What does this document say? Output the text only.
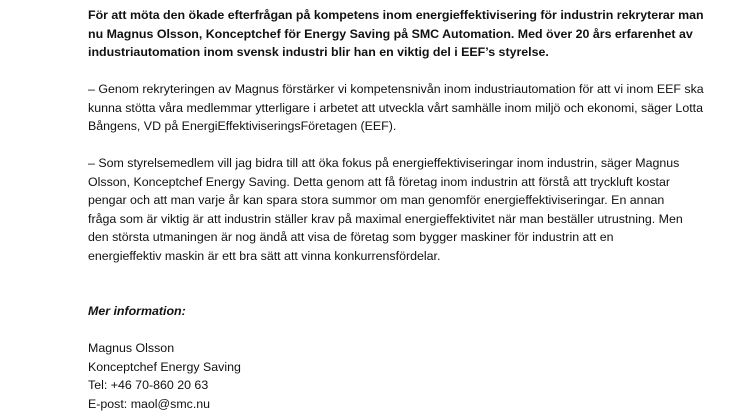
För att möta den ökade efterfrågan på kompetens inom energieffektivisering för industrin rekryterar man nu Magnus Olsson, Konceptchef för Energy Saving på SMC Automation. Med över 20 års erfarenhet av industriautomation inom svensk industri blir han en viktig del i EEF’s styrelse.

– Genom rekryteringen av Magnus förstärker vi kompetensnivån inom industriautomation för att vi inom EEF ska kunna stötta våra medlemmar ytterligare i arbetet att utveckla vårt samhälle inom miljö och ekonomi, säger Lotta Bångens, VD på EnergiEffektiviseringsFöretagen (EEF).

– Som styrelsemedlem vill jag bidra till att öka fokus på energieffektiviseringar inom industrin, säger Magnus Olsson, Konceptchef Energy Saving. Detta genom att få företag inom industrin att förstå att tryckluft kostar pengar och att man varje år kan spara stora summor om man genomför energieffektiviseringar. En annan fråga som är viktig är att industrin ställer krav på maximal energieffektivitet när man beställer utrustning. Men den största utmaningen är nog ändå att visa de företag som bygger maskiner för industrin att en energieffektiv maskin är ett bra sätt att vinna konkurrensfördelar.

Mer information:

Magnus Olsson

Konceptchef Energy Saving

Tel: +46 70-860 20 63

E-post: maol@smc.nu
